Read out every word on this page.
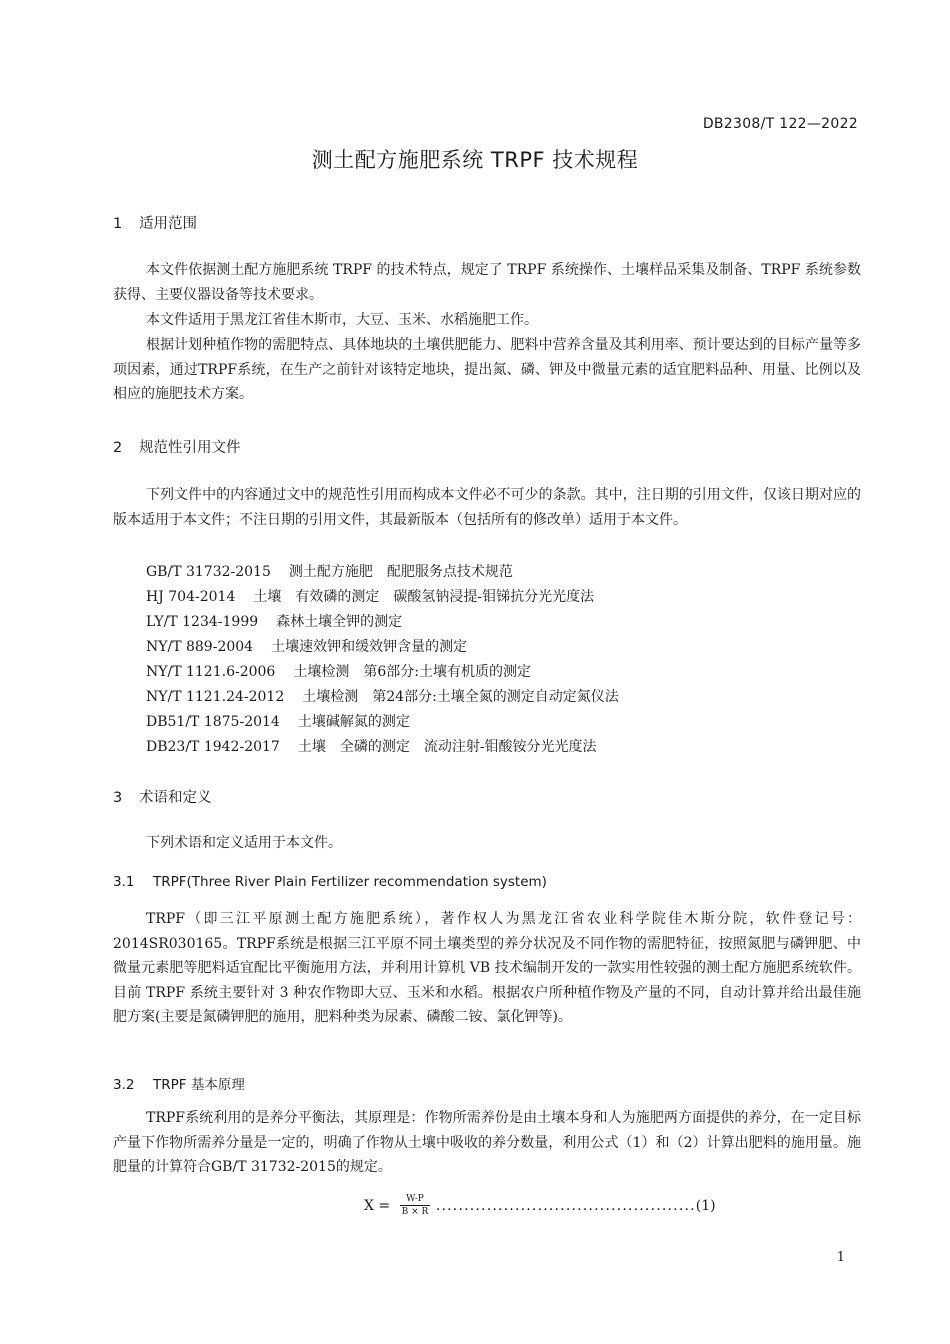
DB2308/T 122—2022
测土配方施肥系统 TRPF 技术规程
1 适用范围

本文件依据测土配方施肥系统 TRPF 的技术特点，规定了 TRPF 系统操作、土壤样品采集及制备、TRPF 系统参数获得、主要仪器设备等技术要求。

本文件适用于黑龙江省佳木斯市，大豆、玉米、水稻施肥工作。

根据计划种植作物的需肥特点、具体地块的土壤供肥能力、肥料中营养含量及其利用率、预计要达到的目标产量等多项因素，通过TRPF系统，在生产之前针对该特定地块，提出氮、磷、钾及中微量元素的适宜肥料品种、用量、比例以及相应的施肥技术方案。

2 规范性引用文件

下列文件中的内容通过文中的规范性引用而构成本文件必不可少的条款。其中，注日期的引用文件，仅该日期对应的版本适用于本文件；不注日期的引用文件，其最新版本（包括所有的修改单）适用于本文件。

GB/T 31732-2015 测土配方施肥　配肥服务点技术规范
HJ 704-2014 土壤　有效磷的测定　碳酸氢钠浸提-钼锑抗分光光度法
LY/T 1234-1999 森林土壤全钾的测定
NY/T 889-2004 土壤速效钾和缓效钾含量的测定
NY/T 1121.6-2006 土壤检测　第6部分:土壤有机质的测定
NY/T 1121.24-2012 土壤检测　第24部分:土壤全氮的测定自动定氮仪法
DB51/T 1875-2014 土壤碱解氮的测定
DB23/T 1942-2017 土壤　全磷的测定　流动注射-钼酸铵分光光度法
3 术语和定义

下列术语和定义适用于本文件。

3.1 TRPF(Three River Plain Fertilizer recommendation system)

TRPF（即三江平原测土配方施肥系统），著作权人为黑龙江省农业科学院佳木斯分院，软件登记号：2014SR030165。TRPF系统是根据三江平原不同土壤类型的养分状况及不同作物的需肥特征，按照氮肥与磷钾肥、中微量元素肥等肥料适宜配比平衡施用方法，并利用计算机 VB 技术编制开发的一款实用性较强的测土配方施肥系统软件。目前 TRPF 系统主要针对 3 种农作物即大豆、玉米和水稻。根据农户所种植作物及产量的不同，自动计算并给出最佳施肥方案(主要是氮磷钾肥的施用，肥料种类为尿素、磷酸二铵、氯化钾等)。

3.2 TRPF 基本原理

TRPF系统利用的是养分平衡法，其原理是：作物所需养份是由土壤本身和人为施肥两方面提供的养分，在一定目标产量下作物所需养分量是一定的，明确了作物从土壤中吸收的养分数量，利用公式（1）和（2）计算出肥料的施用量。施肥量的计算符合GB/T 31732-2015的规定。

$X = \frac{W-P}{B \times R}$ .............................................. (1)
1
